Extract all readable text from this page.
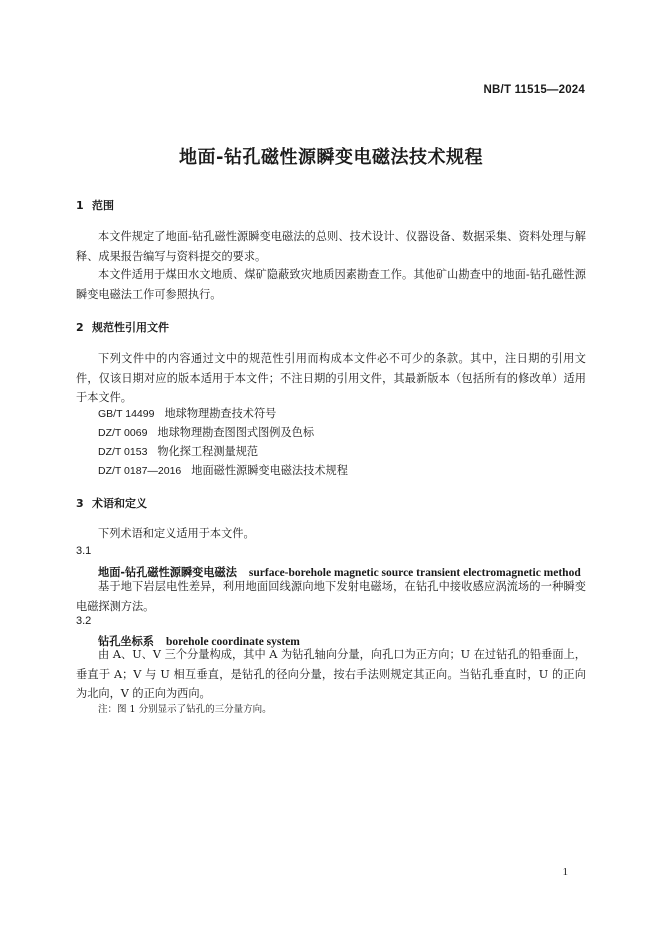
NB/T 11515—2024
地面-钻孔磁性源瞬变电磁法技术规程
1 范围

本文件规定了地面-钻孔磁性源瞬变电磁法的总则、技术设计、仪器设备、数据采集、资料处理与解释、成果报告编写与资料提交的要求。

本文件适用于煤田水文地质、煤矿隐蔽致灾地质因素勘查工作。其他矿山勘查中的地面-钻孔磁性源瞬变电磁法工作可参照执行。

2 规范性引用文件

下列文件中的内容通过文中的规范性引用而构成本文件必不可少的条款。其中，注日期的引用文件，仅该日期对应的版本适用于本文件；不注日期的引用文件，其最新版本（包括所有的修改单）适用于本文件。

GB/T 14499 地球物理勘查技术符号
DZ/T 0069 地球物理勘查图图式图例及色标
DZ/T 0153 物化探工程测量规范
DZ/T 0187—2016 地面磁性源瞬变电磁法技术规程
3 术语和定义

下列术语和定义适用于本文件。

3.1
地面-钻孔磁性源瞬变电磁法 surface-borehole magnetic source transient electromagnetic method

基于地下岩层电性差异，利用地面回线源向地下发射电磁场，在钻孔中接收感应涡流场的一种瞬变电磁探测方法。

3.2
钻孔坐标系 borehole coordinate system

由 A、U、V 三个分量构成，其中 A 为钻孔轴向分量，向孔口为正方向；U 在过钻孔的铅垂面上，垂直于 A；V 与 U 相互垂直，是钻孔的径向分量，按右手法则规定其正向。当钻孔垂直时，U 的正向为北向，V 的正向为西向。

注：图 1 分别显示了钻孔的三分量方向。
1
